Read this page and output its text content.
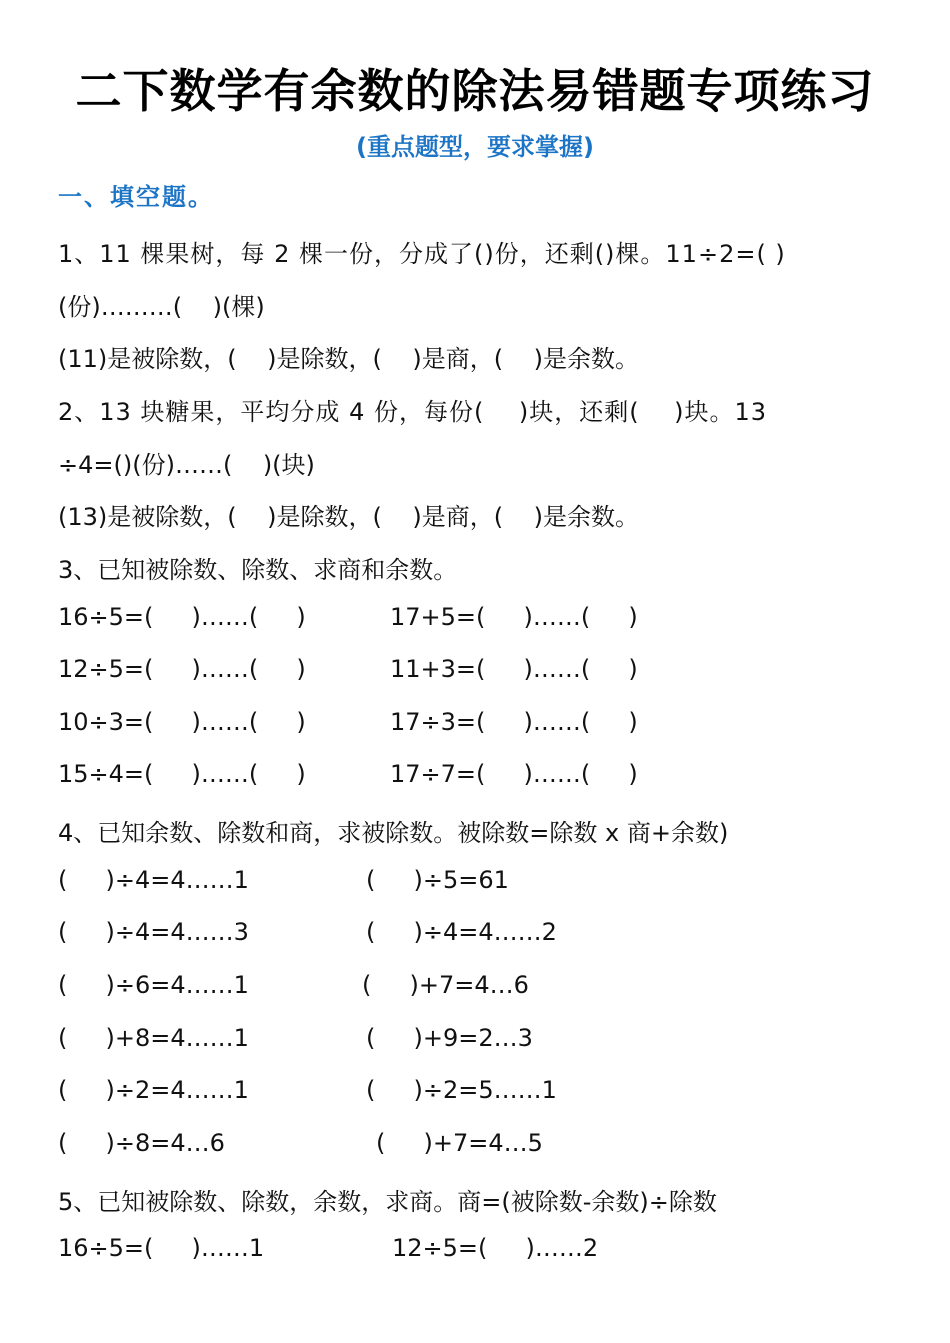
二下数学有余数的除法易错题专项练习
(重点题型，要求掌握)
一、填空题。
1、11 棵果树，每 2 棵一份，分成了()份，还剩()棵。11÷2=( )
(份)………(    )(棵)
(11)是被除数，(    )是除数，(    )是商，(    )是余数。
2、13 块糖果，平均分成 4 份，每份(    )块，还剩(    )块。13
÷4=()(份)……(    )(块)
(13)是被除数，(    )是除数，(    )是商，(    )是余数。
3、已知被除数、除数、求商和余数。
16÷5=(     )……(     )	17+5=(     )……(     )
12÷5=(     )……(     )	11+3=(     )……(     )
10÷3=(     )……(     )	17÷3=(     )……(     )
15÷4=(     )……(     )	17÷7=(     )……(     )
4、已知余数、除数和商，求被除数。被除数=除数 x 商+余数)
(     )÷4=4……1	(     )÷5=61
(     )÷4=4……3	(     )÷4=4……2
(     )÷6=4……1	(     )+7=4…6
(     )+8=4……1	(     )+9=2…3
(     )÷2=4……1	(     )÷2=5……1
(     )÷8=4…6	(     )+7=4…5
5、已知被除数、除数，余数，求商。商=(被除数-余数)÷除数
16÷5=(     )……1	12÷5=(     )……2
